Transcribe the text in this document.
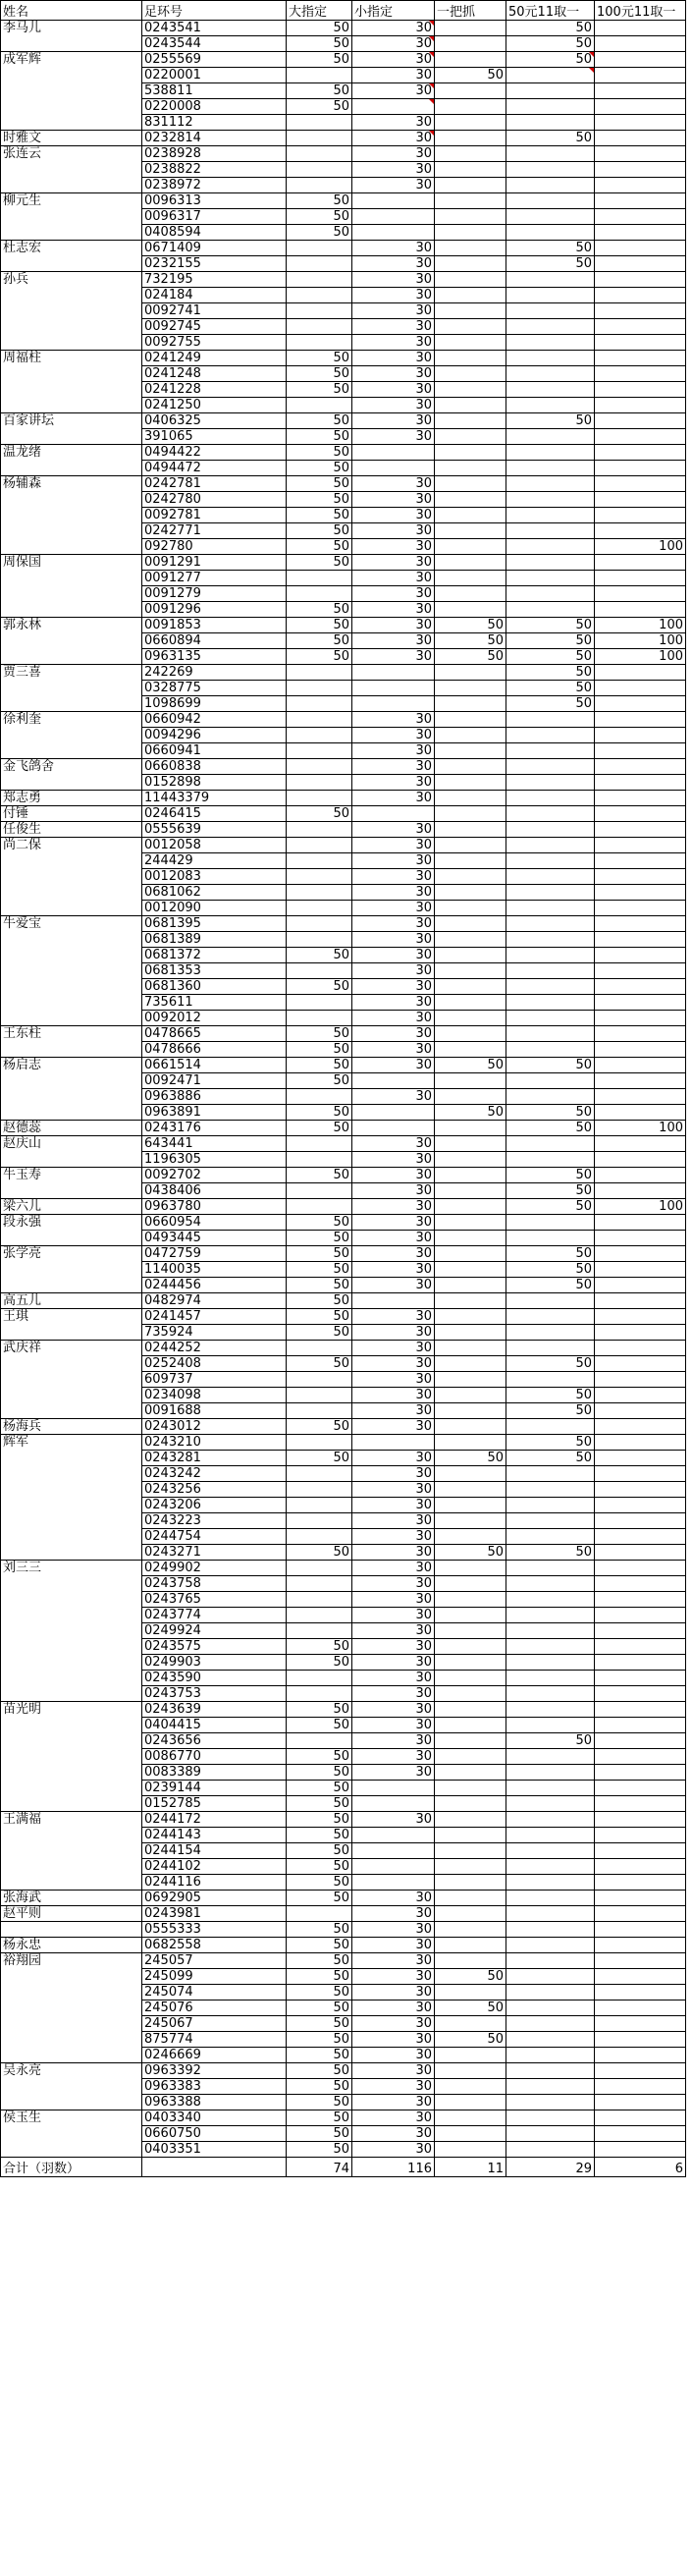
姓名	足环号	大指定	小指定	一把抓	50元11取一	100元11取一
李马儿	0243541	50	30		50	
	0243544	50	30		50	
成军辉	0255569	50	30		50	
	0220001		30	50		
	538811	50	30			
	0220008	50				
	831112		30			
时雅文	0232814		30		50	
张连云	0238928		30			
	0238822		30			
	0238972		30			
柳元生	0096313	50				
	0096317	50				
	0408594	50				
杜志宏	0671409		30		50	
	0232155		30		50	
孙兵	732195		30			
	024184		30			
	0092741		30			
	0092745		30			
	0092755		30			
周福柱	0241249	50	30			
	0241248	50	30			
	0241228	50	30			
	0241250		30			
百家讲坛	0406325	50	30		50	
	391065	50	30			
温龙绪	0494422	50				
	0494472	50				
杨辅森	0242781	50	30			
	0242780	50	30			
	0092781	50	30			
	0242771	50	30			
	092780	50	30			100
周保国	0091291	50	30			
	0091277		30			
	0091279		30			
	0091296	50	30			
郭永林	0091853	50	30	50	50	100
	0660894	50	30	50	50	100
	0963135	50	30	50	50	100
贾三喜	242269				50	
	0328775				50	
	1098699				50	
徐利奎	0660942		30			
	0094296		30			
	0660941		30			
金飞鸽舍	0660838		30			
	0152898		30			
郑志勇	11443379		30			
付锤	0246415	50				
任俊生	0555639		30			
尚二保	0012058		30			
	244429		30			
	0012083		30			
	0681062		30			
	0012090		30			
牛爱宝	0681395		30			
	0681389		30			
	0681372	50	30			
	0681353		30			
	0681360	50	30			
	735611		30			
	0092012		30			
王东柱	0478665	50	30			
	0478666	50	30			
杨启志	0661514	50	30	50	50	
	0092471	50				
	0963886		30			
	0963891	50		50	50	
赵德蕊	0243176	50			50	100
赵庆山	643441		30			
	1196305		30			
牛玉寿	0092702	50	30		50	
	0438406		30		50	
梁六儿	0963780		30		50	100
段永强	0660954	50	30			
	0493445	50	30			
张学亮	0472759	50	30		50	
	1140035	50	30		50	
	0244456	50	30		50	
高五儿	0482974	50				
王琪	0241457	50	30			
	735924	50	30			
武庆祥	0244252		30			
	0252408	50	30		50	
	609737		30			
	0234098		30		50	
	0091688		30		50	
杨海兵	0243012	50	30			
辉军	0243210				50	
	0243281	50	30	50	50	
	0243242		30			
	0243256		30			
	0243206		30			
	0243223		30			
	0244754		30			
	0243271	50	30	50	50	
刘三三	0249902		30			
	0243758		30			
	0243765		30			
	0243774		30			
	0249924		30			
	0243575	50	30			
	0249903	50	30			
	0243590		30			
	0243753		30			
苗光明	0243639	50	30			
	0404415	50	30			
	0243656		30		50	
	0086770	50	30			
	0083389	50	30			
	0239144	50				
	0152785	50				
王满福	0244172	50	30			
	0244143	50				
	0244154	50				
	0244102	50				
	0244116	50				
张海武	0692905	50	30			
赵平则	0243981		30			
	0555333	50	30			
杨永忠	0682558	50	30			
裕翔园	245057	50	30			
	245099	50	30	50		
	245074	50	30			
	245076	50	30	50		
	245067	50	30			
	875774	50	30	50		
	0246669	50	30			
吴永亮	0963392	50	30			
	0963383	50	30			
	0963388	50	30			
侯玉生	0403340	50	30			
	0660750	50	30			
	0403351	50	30			
合计（羽数）		74	116	11	29	6
